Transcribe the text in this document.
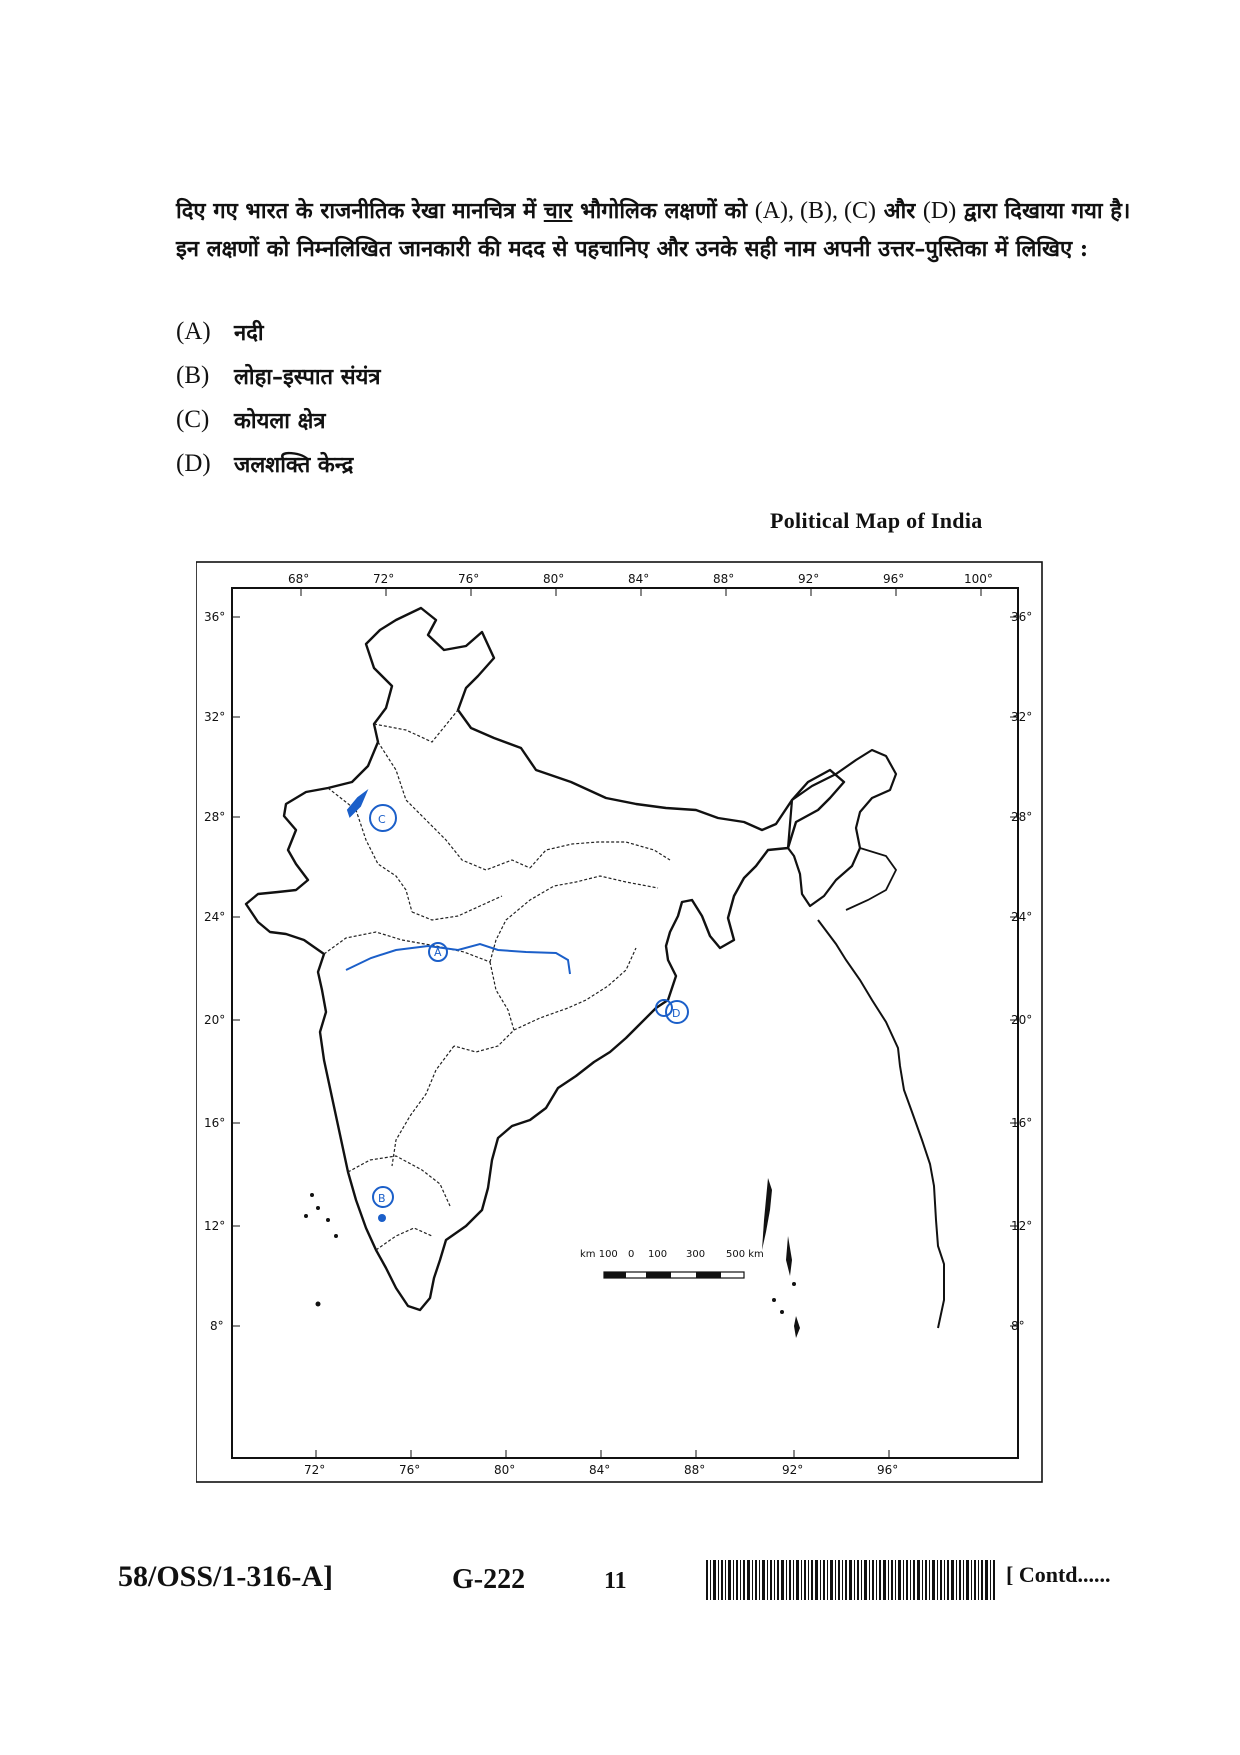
दिए गए भारत के राजनीतिक रेखा मानचित्र में चार भौगोलिक लक्षणों को (A), (B), (C) और (D) द्वारा दिखाया गया है। इन लक्षणों को निम्नलिखित जानकारी की मदद से पहचानिए और उनके सही नाम अपनी उत्तर–पुस्तिका में लिखिए :
(A)	नदी
(B)	लोहा–इस्पात संयंत्र
(C)	कोयला क्षेत्र
(D)	जलशक्ति केन्द्र
Political Map of India
68°	72°	76°	80°	84°	88°	92°	96°	100°
72°	76°	80°	84°	88°	92°	96°
36°
32°
28°
24°
20°
16°
12°
8°
36°
32°
28°
24°
20°
16°
12°
8°
km 100 0 100 300 500 km
A
B
C
D
58/OSS/1-316-A]	G-222	11	[ Contd......
